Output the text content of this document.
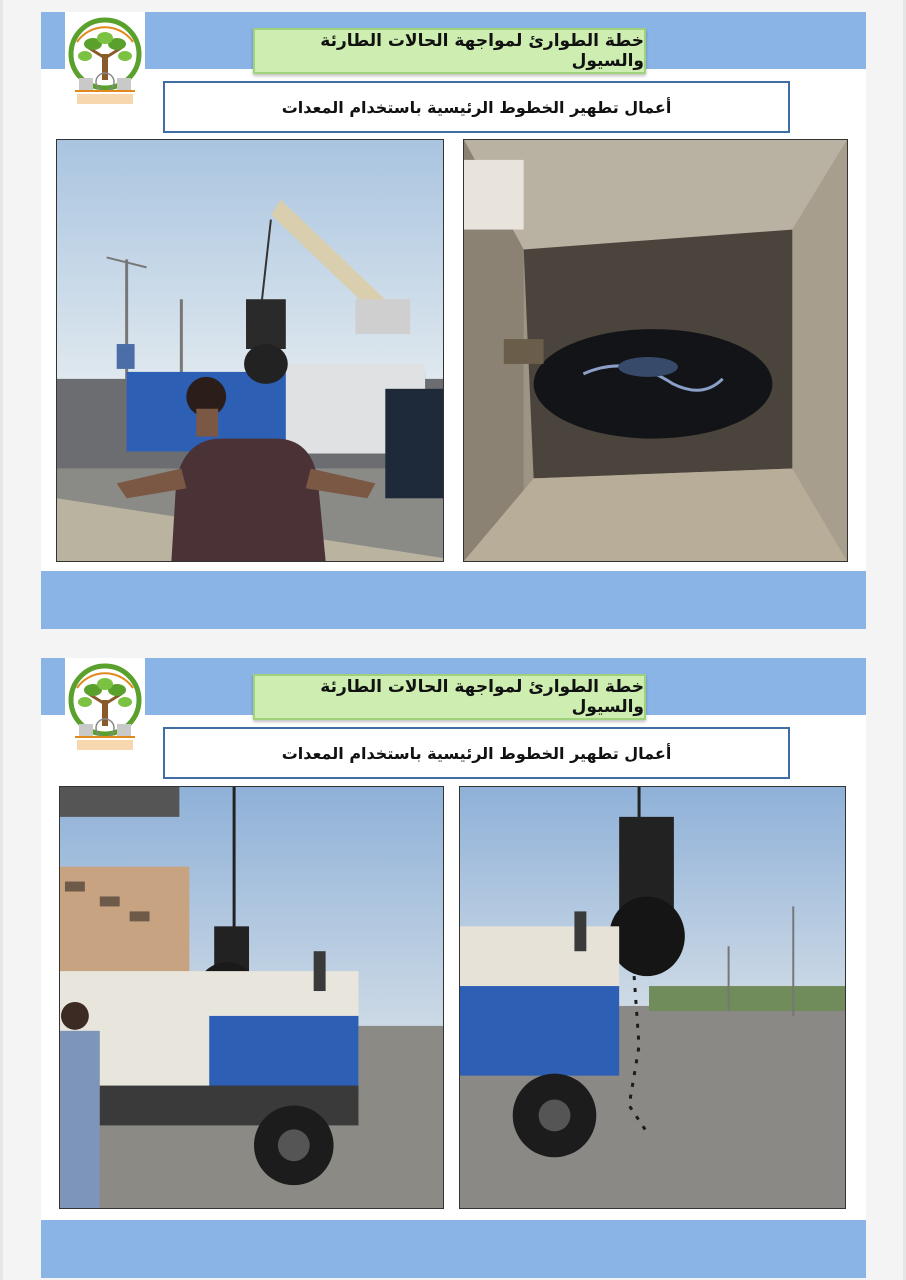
خطة الطوارئ لمواجهة الحالات الطارئة والسيول
أعمال تطهير الخطوط الرئيسية باستخدام المعدات
خطة الطوارئ لمواجهة الحالات الطارئة والسيول
أعمال تطهير الخطوط الرئيسية باستخدام المعدات
